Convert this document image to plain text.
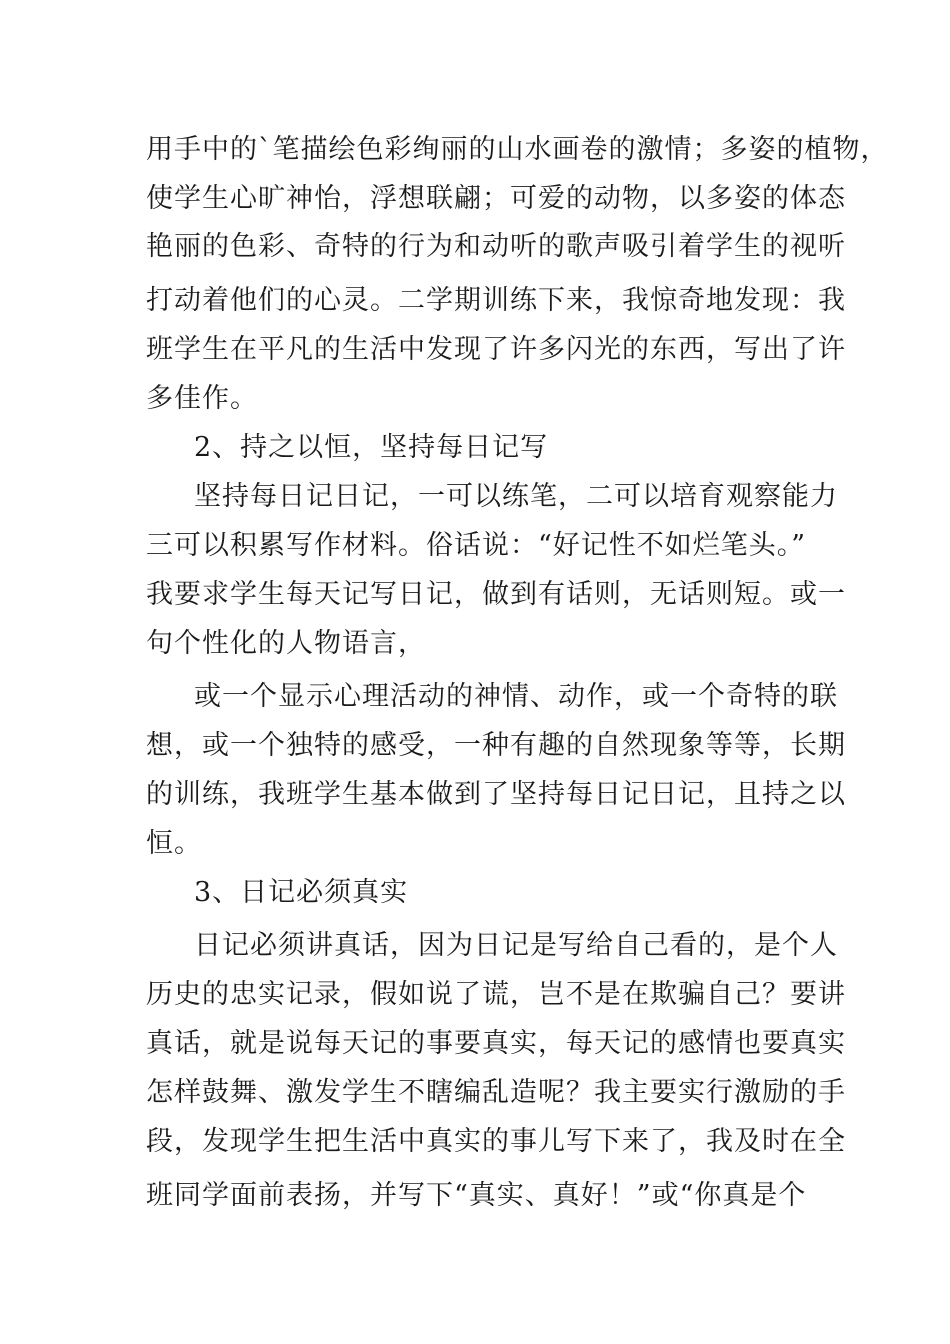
用手中的`笔描绘色彩绚丽的山水画卷的激情；多姿的植物，
使学生心旷神怡，浮想联翩；可爱的动物，以多姿的体态
艳丽的色彩、奇特的行为和动听的歌声吸引着学生的视听
打动着他们的心灵。二学期训练下来，我惊奇地发现：我
班学生在平凡的生活中发现了许多闪光的东西，写出了许
多佳作。
2、持之以恒，坚持每日记写
坚持每日记日记，一可以练笔，二可以培育观察能力
三可以积累写作材料。俗话说：“好记性不如烂笔头。”
我要求学生每天记写日记，做到有话则，无话则短。或一
句个性化的人物语言，
或一个显示心理活动的神情、动作，或一个奇特的联
想，或一个独特的感受，一种有趣的自然现象等等，长期
的训练，我班学生基本做到了坚持每日记日记，且持之以
恒。
3、日记必须真实
日记必须讲真话，因为日记是写给自己看的，是个人
历史的忠实记录，假如说了谎，岂不是在欺骗自己？要讲
真话，就是说每天记的事要真实，每天记的感情也要真实
怎样鼓舞、激发学生不瞎编乱造呢？我主要实行激励的手
段，发现学生把生活中真实的事儿写下来了，我及时在全
班同学面前表扬，并写下“真实、真好！”或“你真是个
